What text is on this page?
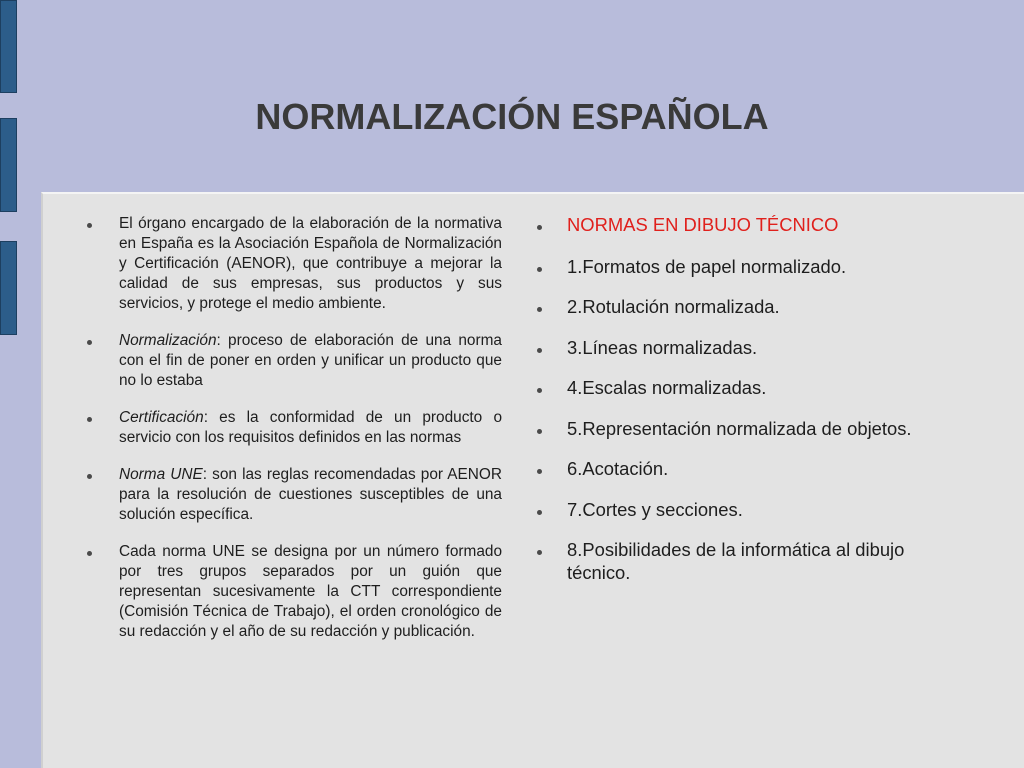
NORMALIZACIÓN ESPAÑOLA
El órgano encargado de la elaboración de la normativa en España es la Asociación Española de Normalización y Certificación (AENOR), que contribuye a mejorar la calidad de sus empresas, sus productos y sus servicios, y protege el medio ambiente.
Normalización: proceso de elaboración de una norma con el fin de poner en orden y unificar un producto que no lo estaba
Certificación: es la conformidad de un producto o servicio con los requisitos definidos en las normas
Norma UNE: son las reglas recomendadas por AENOR para la resolución de cuestiones susceptibles de una solución específica.
Cada norma UNE se designa por un número formado por tres grupos separados por un guión que representan sucesivamente la CTT correspondiente (Comisión Técnica de Trabajo), el orden cronológico de su redacción y el año de su redacción y publicación.
NORMAS EN DIBUJO TÉCNICO
1.Formatos de papel normalizado.
2.Rotulación normalizada.
3.Líneas normalizadas.
4.Escalas normalizadas.
5.Representación normalizada de objetos.
6.Acotación.
7.Cortes y secciones.
8.Posibilidades de la informática al dibujo técnico.
